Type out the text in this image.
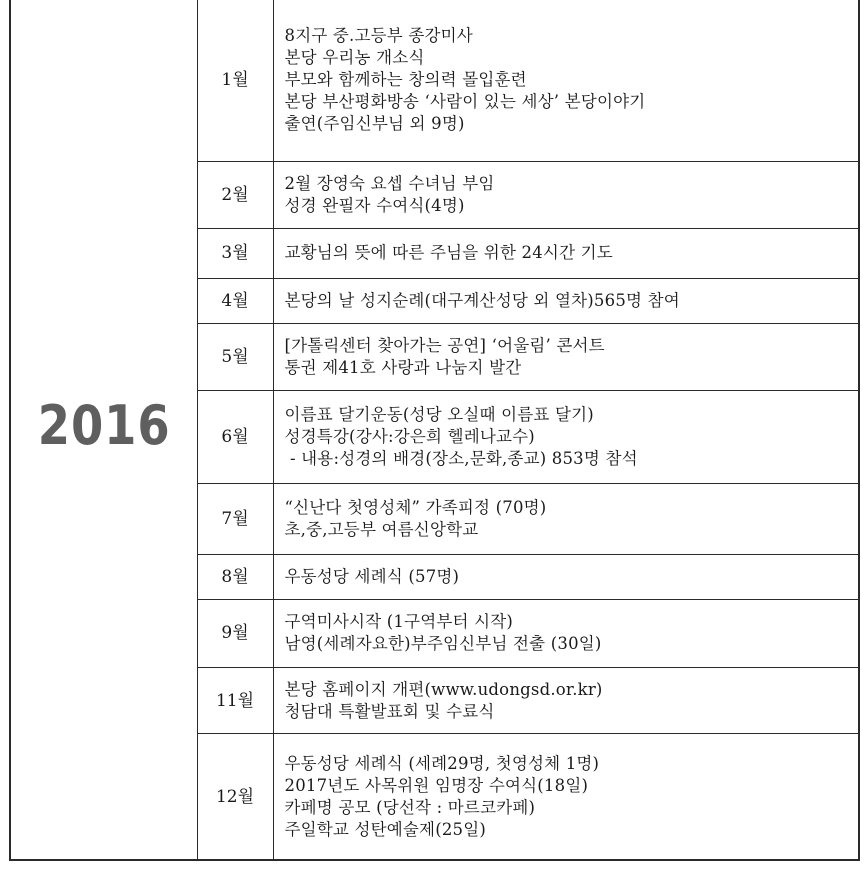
2016	1월	8지구 중.고등부 종강미사
본당 우리농 개소식
부모와 함께하는 창의력 몰입훈련
본당 부산평화방송 ‘사람이 있는 세상’ 본당이야기
출연(주임신부님 외 9명)

	2월	2월 장영숙 요셉 수녀님 부임
성경 완필자 수여식(4명)

	3월	교황님의 뜻에 따른 주님을 위한 24시간 기도

	4월	본당의 날 성지순례(대구계산성당 외 열차)565명 참여

	5월	[가톨릭센터 찾아가는 공연] ‘어울림’ 콘서트
통권 제41호 사랑과 나눔지 발간

	6월	이름표 달기운동(성당 오실때 이름표 달기)
성경특강(강사:강은희 헬레나교수)
- 내용:성경의 배경(장소,문화,종교) 853명 참석

	7월	“신난다 첫영성체” 가족피정 (70명)
초,중,고등부 여름신앙학교

	8월	우동성당 세례식 (57명)

	9월	구역미사시작 (1구역부터 시작)
남영(세례자요한)부주임신부님 전출 (30일)

	11월	본당 홈페이지 개편(www.udongsd.or.kr)
청담대 특활발표회 및 수료식

	12월	우동성당 세례식 (세례29명, 첫영성체 1명)
2017년도 사목위원 임명장 수여식(18일)
카페명 공모 (당선작 : 마르코카페)
주일학교 성탄예술제(25일)
